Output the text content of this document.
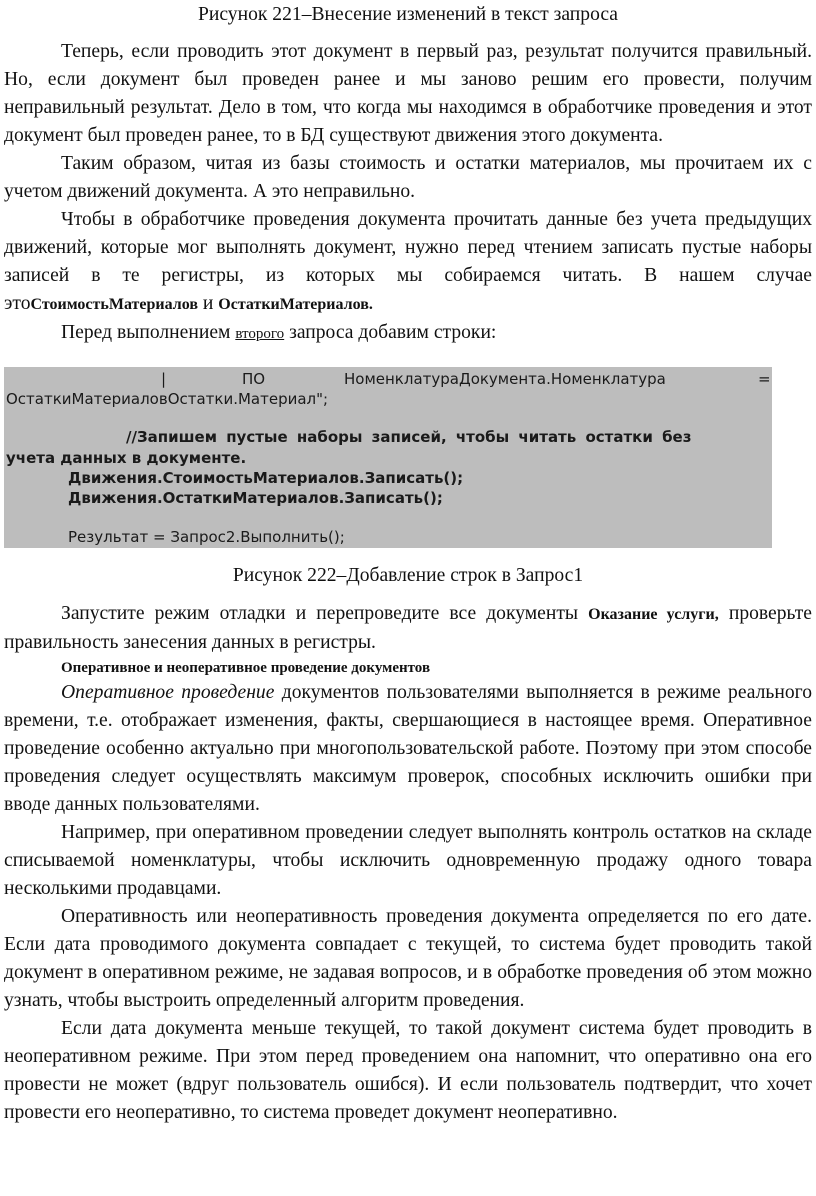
Рисунок 221–Внесение изменений в текст запроса

Теперь, если проводить этот документ в первый раз, результат получится правильный. Но, если документ был проведен ранее и мы заново решим его провести, получим неправильный результат. Дело в том, что когда мы находимся в обработчике проведения и этот документ был проведен ранее, то в БД существуют движения этого документа.

Таким образом, читая из базы стоимость и остатки материалов, мы прочитаем их с учетом движений документа. А это неправильно.

Чтобы в обработчике проведения документа прочитать данные без учета предыдущих движений, которые мог выполнять документ, нужно перед чтением записать пустые наборы записей в те регистры, из которых мы собираемся читать. В нашем случае этоСтоимостьМатериалов и ОстаткиМатериалов.

Перед выполнением второго запроса добавим строки:

|	ПО	НоменклатураДокумента.Номенклатура	=
ОстаткиМатериаловОстатки.Материал";
//Запишем пустые наборы записей, чтобы читать остатки без
учета данных в документе.
Движения.СтоимостьМатериалов.Записать();
Движения.ОстаткиМатериалов.Записать();
Результат = Запрос2.Выполнить();

Рисунок 222–Добавление строк в Запрос1

Запустите режим отладки и перепроведите все документы Оказание услуги, проверьте правильность занесения данных в регистры.

Оперативное и неоперативное проведение документов

Оперативное проведение документов пользователями выполняется в режиме реального времени, т.е. отображает изменения, факты, свершающиеся в настоящее время. Оперативное проведение особенно актуально при многопользовательской работе. Поэтому при этом способе проведения следует осуществлять максимум проверок, способных исключить ошибки при вводе данных пользователями.

Например, при оперативном проведении следует выполнять контроль остатков на складе списываемой номенклатуры, чтобы исключить одновременную продажу одного товара несколькими продавцами.

Оперативность или неоперативность проведения документа определяется по его дате. Если дата проводимого документа совпадает с текущей, то система будет проводить такой документ в оперативном режиме, не задавая вопросов, и в обработке проведения об этом можно узнать, чтобы выстроить определенный алгоритм проведения.

Если дата документа меньше текущей, то такой документ система будет проводить в неоперативном режиме. При этом перед проведением она напомнит, что оперативно она его провести не может (вдруг пользователь ошибся). И если пользователь подтвердит, что хочет провести его неоперативно, то система проведет документ неоперативно.
